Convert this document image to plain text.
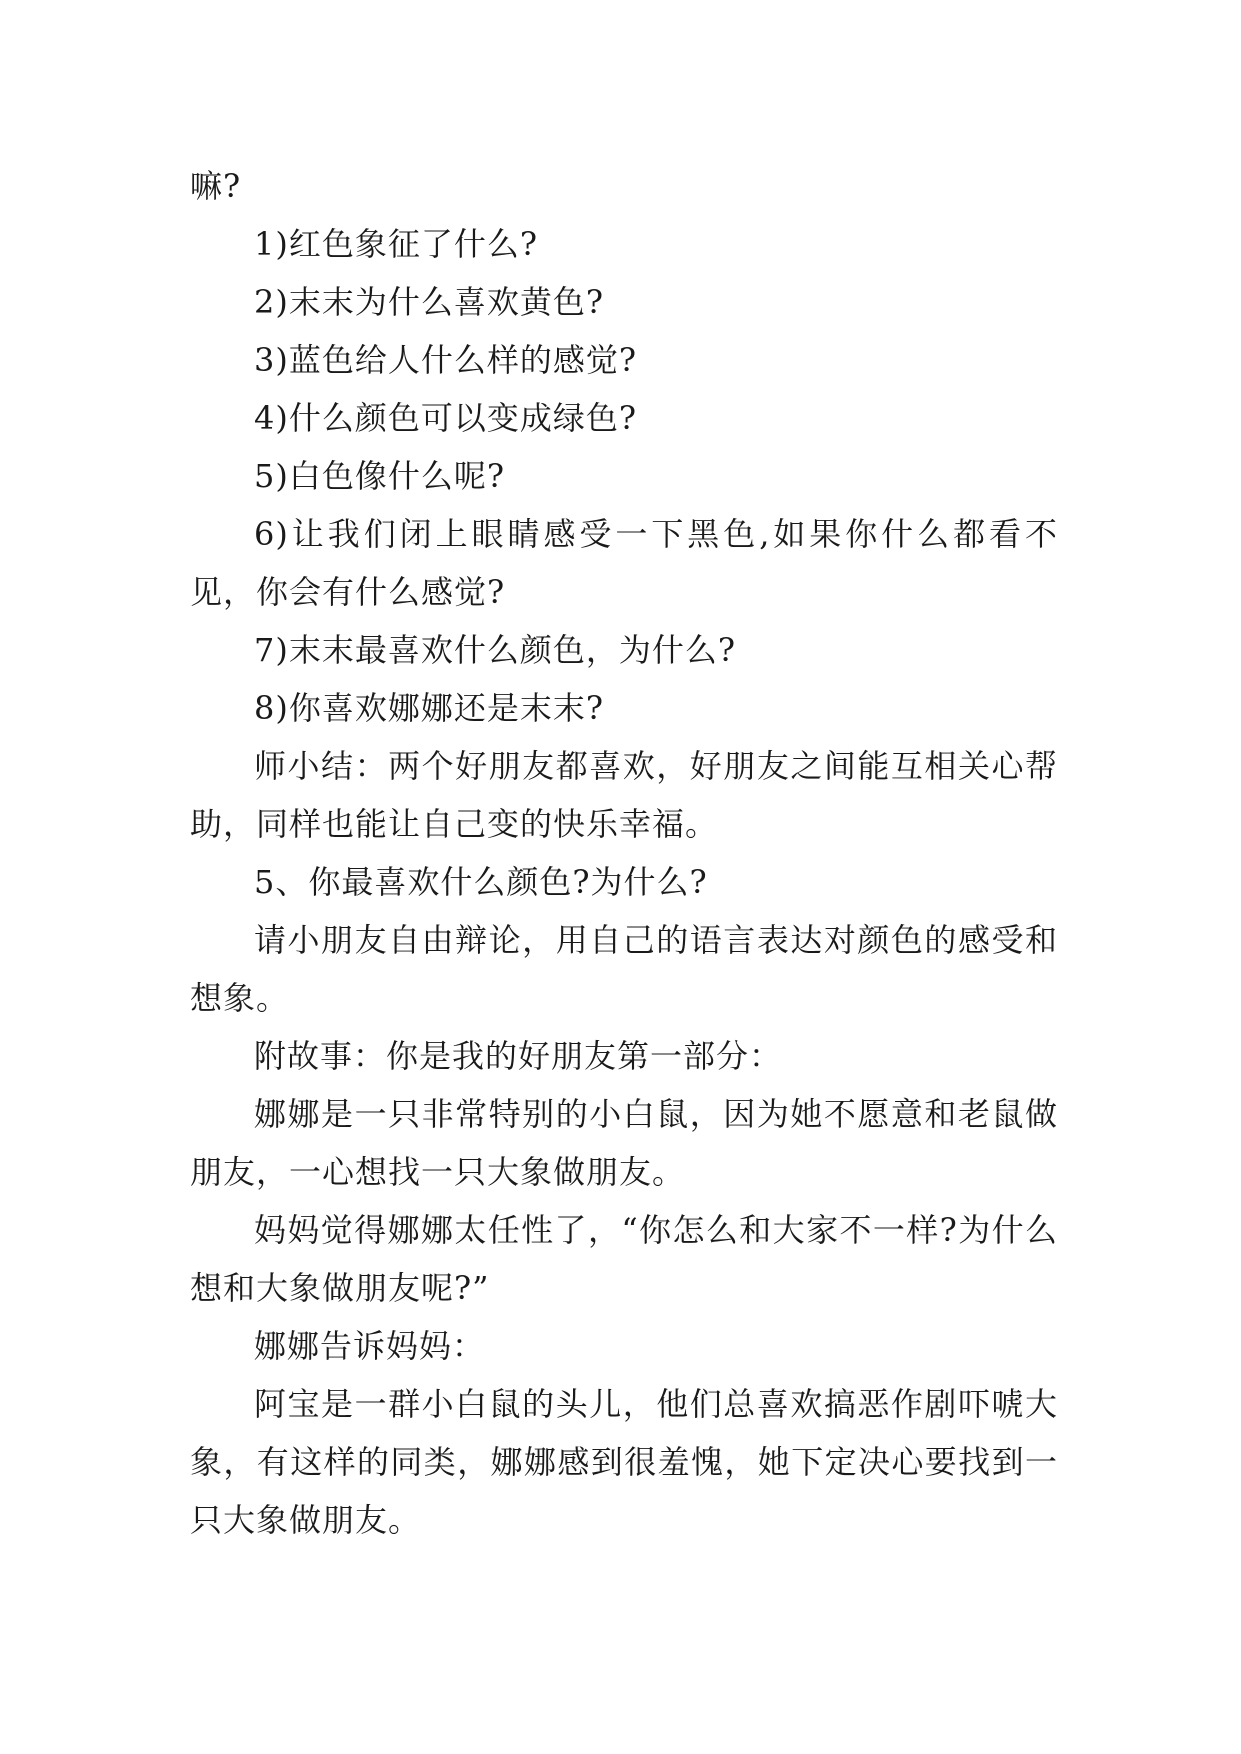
嘛?

1)红色象征了什么?

2)末末为什么喜欢黄色?

3)蓝色给人什么样的感觉?

4)什么颜色可以变成绿色?

5)白色像什么呢?

6)让我们闭上眼睛感受一下黑色,如果你什么都看不见，你会有什么感觉?

7)末末最喜欢什么颜色，为什么?

8)你喜欢娜娜还是末末?

师小结：两个好朋友都喜欢，好朋友之间能互相关心帮助，同样也能让自己变的快乐幸福。

5、你最喜欢什么颜色?为什么?

请小朋友自由辩论，用自己的语言表达对颜色的感受和想象。

附故事：你是我的好朋友第一部分：

娜娜是一只非常特别的小白鼠，因为她不愿意和老鼠做朋友，一心想找一只大象做朋友。

妈妈觉得娜娜太任性了，“你怎么和大家不一样?为什么想和大象做朋友呢?”

娜娜告诉妈妈：

阿宝是一群小白鼠的头儿，他们总喜欢搞恶作剧吓唬大象，有这样的同类，娜娜感到很羞愧，她下定决心要找到一只大象做朋友。
